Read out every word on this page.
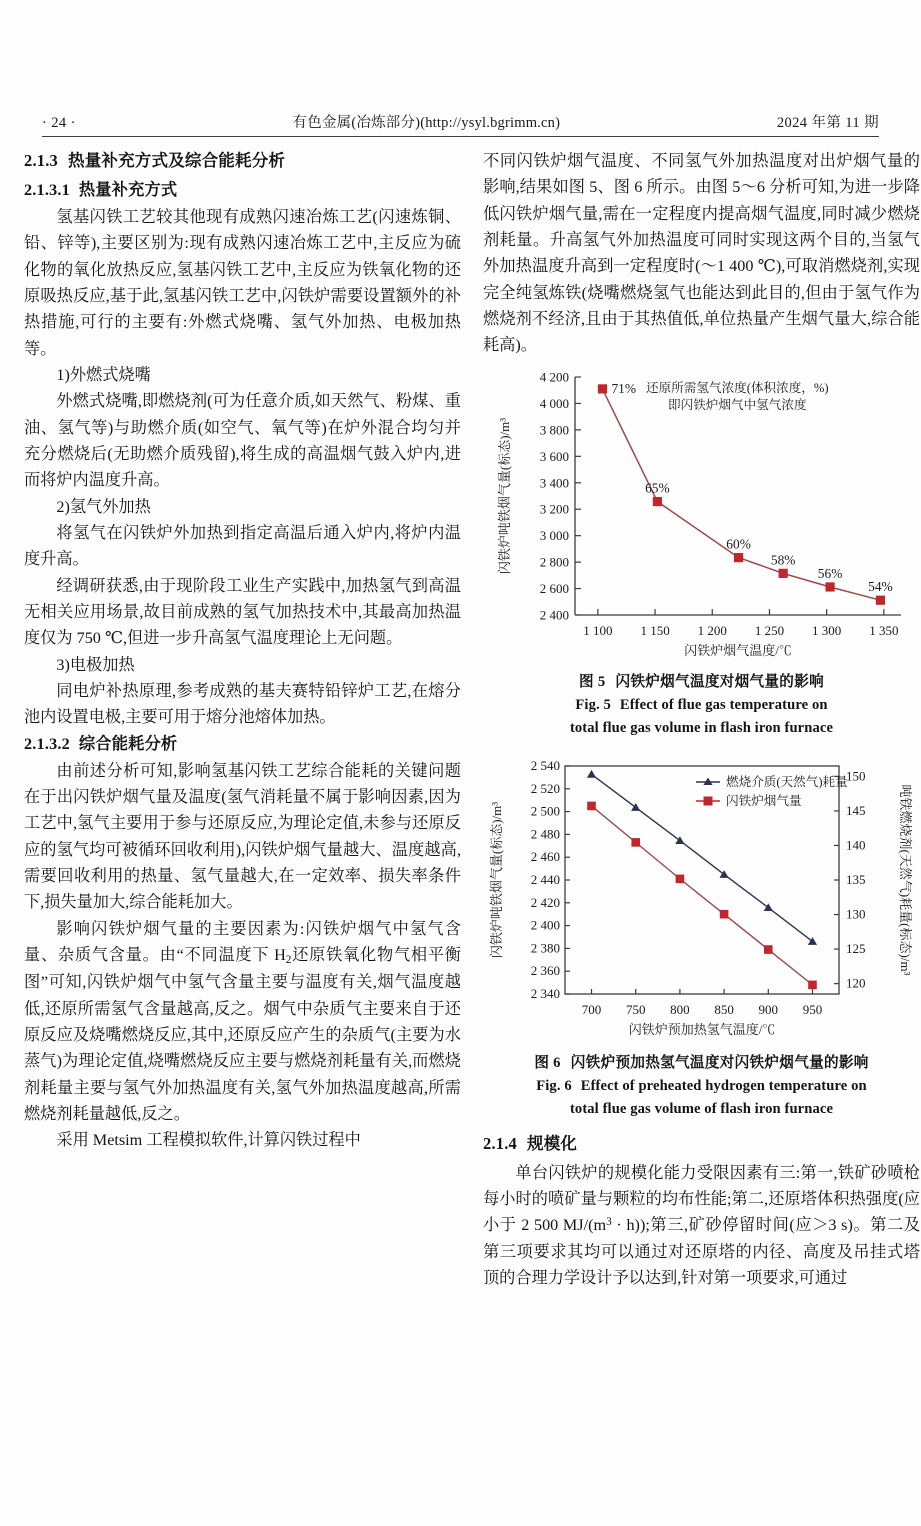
· 24 ·	有色金属(冶炼部分)(http://ysyl.bgrimm.cn)	2024 年第 11 期
2.1.3 热量补充方式及综合能耗分析
2.1.3.1 热量补充方式

氢基闪铁工艺较其他现有成熟闪速冶炼工艺(闪速炼铜、铅、锌等),主要区别为:现有成熟闪速冶炼工艺中,主反应为硫化物的氧化放热反应,氢基闪铁工艺中,主反应为铁氧化物的还原吸热反应,基于此,氢基闪铁工艺中,闪铁炉需要设置额外的补热措施,可行的主要有:外燃式烧嘴、氢气外加热、电极加热等。

1)外燃式烧嘴

外燃式烧嘴,即燃烧剂(可为任意介质,如天然气、粉煤、重油、氢气等)与助燃介质(如空气、氧气等)在炉外混合均匀并充分燃烧后(无助燃介质残留),将生成的高温烟气鼓入炉内,进而将炉内温度升高。

2)氢气外加热

将氢气在闪铁炉外加热到指定高温后通入炉内,将炉内温度升高。

经调研获悉,由于现阶段工业生产实践中,加热氢气到高温无相关应用场景,故目前成熟的氢气加热技术中,其最高加热温度仅为 750 ℃,但进一步升高氢气温度理论上无问题。

3)电极加热

同电炉补热原理,参考成熟的基夫赛特铅锌炉工艺,在熔分池内设置电极,主要可用于熔分池熔体加热。

2.1.3.2 综合能耗分析

由前述分析可知,影响氢基闪铁工艺综合能耗的关键问题在于出闪铁炉烟气量及温度(氢气消耗量不属于影响因素,因为工艺中,氢气主要用于参与还原反应,为理论定值,未参与还原反应的氢气均可被循环回收利用),闪铁炉烟气量越大、温度越高,需要回收利用的热量、氢气量越大,在一定效率、损失率条件下,损失量加大,综合能耗加大。

影响闪铁炉烟气量的主要因素为:闪铁炉烟气中氢气含量、杂质气含量。由“不同温度下 $H_2$还原铁氧化物气相平衡图”可知,闪铁炉烟气中氢气含量主要与温度有关,烟气温度越低,还原所需氢气含量越高,反之。烟气中杂质气主要来自于还原反应及烧嘴燃烧反应,其中,还原反应产生的杂质气(主要为水蒸气)为理论定值,烧嘴燃烧反应主要与燃烧剂耗量有关,而燃烧剂耗量主要与氢气外加热温度有关,氢气外加热温度越高,所需燃烧剂耗量越低,反之。

采用 Metsim 工程模拟软件,计算闪铁过程中

不同闪铁炉烟气温度、不同氢气外加热温度对出炉烟气量的影响,结果如图 5、图 6 所示。由图 5～6 分析可知,为进一步降低闪铁炉烟气量,需在一定程度内提高烟气温度,同时减少燃烧剂耗量。升高氢气外加热温度可同时实现这两个目的,当氢气外加热温度升高到一定程度时(～1 400 ℃),可取消燃烧剂,实现完全纯氢炼铁(烧嘴燃烧氢气也能达到此目的,但由于氢气作为燃烧剂不经济,且由于其热值低,单位热量产生烟气量大,综合能耗高)。

2 400
2 600
2 800
3 000
3 200
3 400
3 600
3 800
4 000
4 200
1 100 1 150 1 200 1 250 1 300 1 350
71%
65%
60%
58%
56%
54%
还原所需氢气浓度(体积浓度，%)
即闪铁炉烟气中氢气浓度
闪铁炉烟气温度/℃
闪铁炉吨铁烟气量(标态)/m³
图 5 闪铁炉烟气温度对烟气量的影响
Fig. 5 Effect of flue gas temperature on
total flue gas volume in flash iron furnace
2 340
2 360
2 380
2 400
2 420
2 440
2 460
2 480
2 500
2 520
2 540
120
125
130
135
140
145
150
700 750 800 850 900 950
燃烧介质(天然气)耗量
闪铁炉烟气量
闪铁炉预加热氢气温度/℃
闪铁炉吨铁烟气量(标态)/m³	吨铁燃烧剂(天然气)耗量(标态)/m³
图 6 闪铁炉预加热氢气温度对闪铁炉烟气量的影响
Fig. 6 Effect of preheated hydrogen temperature on
total flue gas volume of flash iron furnace
2.1.4 规模化

单台闪铁炉的规模化能力受限因素有三:第一,铁矿砂喷枪每小时的喷矿量与颗粒的均布性能;第二,还原塔体积热强度(应小于 2 500 $MJ/(m^3 \cdot h)$);第三,矿砂停留时间(应＞3 s)。第二及第三项要求其均可以通过对还原塔的内径、高度及吊挂式塔顶的合理力学设计予以达到,针对第一项要求,可通过
